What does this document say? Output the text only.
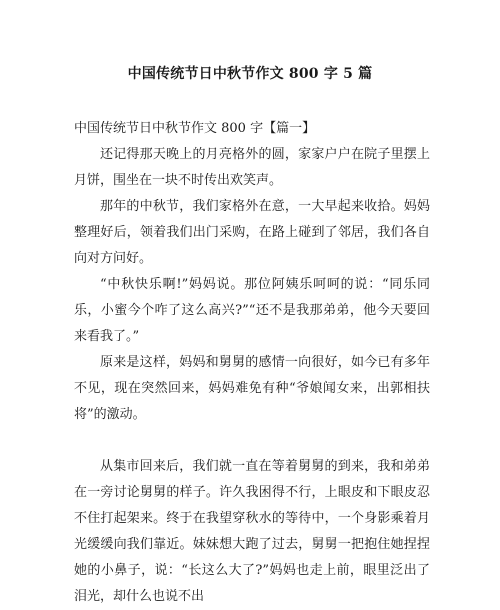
中国传统节日中秋节作文 800 字 5 篇

中国传统节日中秋节作文 800 字【篇一】

还记得那天晚上的月亮格外的圆，家家户户在院子里摆上月饼，围坐在一块不时传出欢笑声。

那年的中秋节，我们家格外在意，一大早起来收拾。妈妈整理好后，领着我们出门采购，在路上碰到了邻居，我们各自向对方问好。

“中秋快乐啊!”妈妈说。那位阿姨乐呵呵的说：“同乐同乐，小蜜今个咋了这么高兴?”“还不是我那弟弟，他今天要回来看我了。”

原来是这样，妈妈和舅舅的感情一向很好，如今已有多年不见，现在突然回来，妈妈难免有种“爷娘闻女来，出郭相扶将”的激动。

从集市回来后，我们就一直在等着舅舅的到来，我和弟弟在一旁讨论舅舅的样子。许久我困得不行，上眼皮和下眼皮忍不住打起架来。终于在我望穿秋水的等待中，一个身影乘着月光缓缓向我们靠近。妹妹想大跑了过去，舅舅一把抱住她捏捏她的小鼻子，说：“长这么大了?”妈妈也走上前，眼里泛出了泪光，却什么也说不出
